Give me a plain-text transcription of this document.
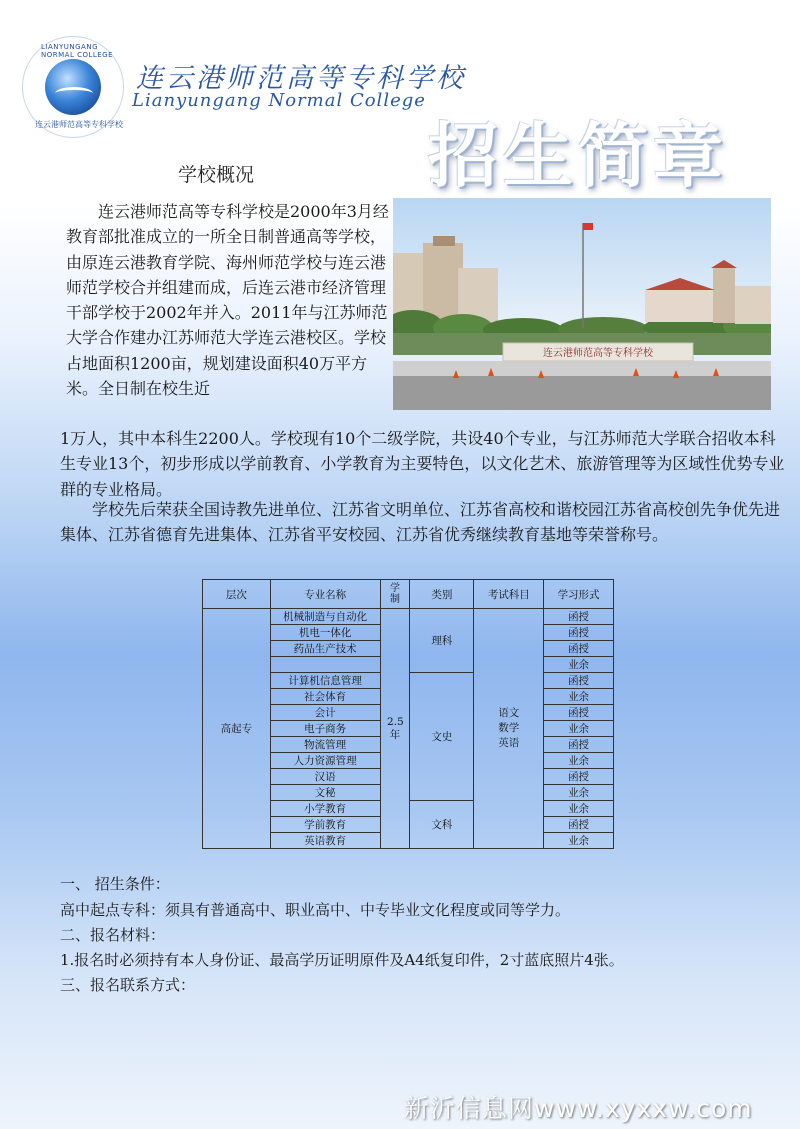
LIANYUNGANG NORMAL COLLEGE
连云港师范高等专科学校
连云港师范高等专科学校
Lianyungang Normal College
招生简章
学校概况

连云港师范高等专科学校是2000年3月经教育部批准成立的一所全日制普通高等学校，由原连云港教育学院、海州师范学校与连云港师范学校合并组建而成，后连云港市经济管理干部学校于2002年并入。2011年与江苏师范大学合作建办江苏师范大学连云港校区。学校占地面积1200亩，规划建设面积40万平方米。全日制在校生近

1万人，其中本科生2200人。学校现有10个二级学院，共设40个专业，与江苏师范大学联合招收本科生专业13个，初步形成以学前教育、小学教育为主要特色，以文化艺术、旅游管理等为区域性优势专业群的专业格局。

学校先后荣获全国诗教先进单位、江苏省文明单位、江苏省高校和谐校园江苏省高校创先争优先进集体、江苏省德育先进集体、江苏省平安校园、江苏省优秀继续教育基地等荣誉称号。

连云港师范高等专科学校
层次	专业名称	学制	类别	考试科目	学习形式
高起专	机械制造与自动化	2.5年	理科	语文数学英语	函授
	机电一体化				函授
	药品生产技术				函授
					业余
	计算机信息管理		文史		函授
	社会体育				业余
	会计				函授
	电子商务				业余
	物流管理				函授
	人力资源管理				业余
	汉语				函授
	文秘				业余
	小学教育		文科		业余
	学前教育				函授
	英语教育				业余
一、 招生条件：
高中起点专科：须具有普通高中、职业高中、中专毕业文化程度或同等学力。
二、报名材料：
1.报名时必须持有本人身份证、最高学历证明原件及A4纸复印件，2寸蓝底照片4张。
三、报名联系方式：
新沂信息网www.xyxxw.com
